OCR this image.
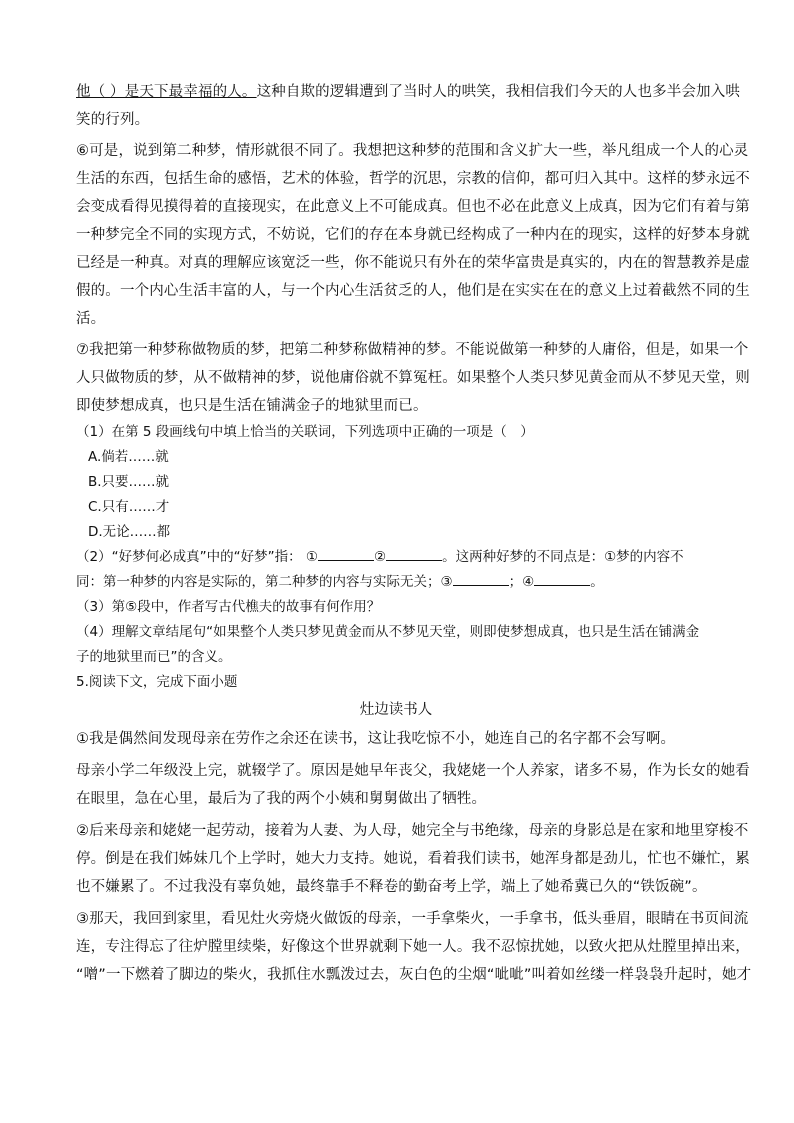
他（ ）是天下最幸福的人。这种自欺的逻辑遭到了当时人的哄笑，我相信我们今天的人也多半会加入哄

笑的行列。

⑥可是，说到第二种梦，情形就很不同了。我想把这种梦的范围和含义扩大一些，举凡组成一个人的心灵

生活的东西，包括生命的感悟，艺术的体验，哲学的沉思，宗教的信仰，都可归入其中。这样的梦永远不

会变成看得见摸得着的直接现实，在此意义上不可能成真。但也不必在此意义上成真，因为它们有着与第

一种梦完全不同的实现方式，不妨说，它们的存在本身就已经构成了一种内在的现实，这样的好梦本身就

已经是一种真。对真的理解应该宽泛一些，你不能说只有外在的荣华富贵是真实的，内在的智慧教养是虚

假的。一个内心生活丰富的人，与一个内心生活贫乏的人，他们是在实实在在的意义上过着截然不同的生

活。

⑦我把第一种梦称做物质的梦，把第二种梦称做精神的梦。不能说做第一种梦的人庸俗，但是，如果一个

人只做物质的梦，从不做精神的梦，说他庸俗就不算冤枉。如果整个人类只梦见黄金而从不梦见天堂，则

即使梦想成真，也只是生活在铺满金子的地狱里而已。

（1）在第 5 段画线句中填上恰当的关联词，下列选项中正确的一项是（　）

A.倘若……就

B.只要……就

C.只有……才

D.无论……都

（2）“好梦何必成真”中的“好梦”指： ①	②	。这两种好梦的不同点是：①梦的内容不

同：第一种梦的内容是实际的，第二种梦的内容与实际无关；③	；④	。

（3）第⑤段中，作者写古代樵夫的故事有何作用？

（4）理解文章结尾句“如果整个人类只梦见黄金而从不梦见天堂，则即使梦想成真，也只是生活在铺满金

子的地狱里而已”的含义。

5.阅读下文，完成下面小题

灶边读书人

①我是偶然间发现母亲在劳作之余还在读书，这让我吃惊不小，她连自己的名字都不会写啊。

母亲小学二年级没上完，就辍学了。原因是她早年丧父，我姥姥一个人养家，诸多不易，作为长女的她看

在眼里，急在心里，最后为了我的两个小姨和舅舅做出了牺牲。

②后来母亲和姥姥一起劳动，接着为人妻、为人母，她完全与书绝缘，母亲的身影总是在家和地里穿梭不

停。倒是在我们姊妹几个上学时，她大力支持。她说，看着我们读书，她浑身都是劲儿，忙也不嫌忙，累

也不嫌累了。不过我没有辜负她，最终靠手不释卷的勤奋考上学，端上了她希冀已久的“铁饭碗”。

③那天，我回到家里，看见灶火旁烧火做饭的母亲，一手拿柴火，一手拿书，低头垂眉，眼睛在书页间流

连，专注得忘了往炉膛里续柴，好像这个世界就剩下她一人。我不忍惊扰她，以致火把从灶膛里掉出来，

“噌”一下燃着了脚边的柴火，我抓住水瓢泼过去，灰白色的尘烟“呲呲”叫着如丝缕一样袅袅升起时，她才
